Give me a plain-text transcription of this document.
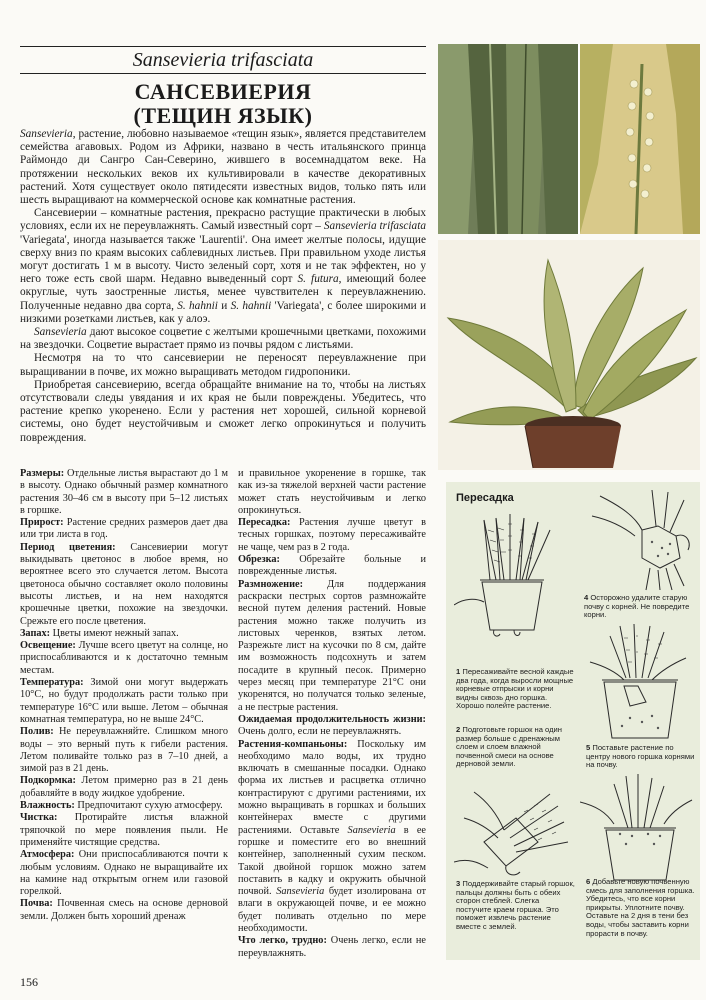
Sansevieria trifasciata
САНСЕВИЕРИЯ
(ТЕЩИН ЯЗЫК)

Sansevieria, растение, любовно называемое «тещин язык», является представителем семейства агавовых. Родом из Африки, названо в честь итальянского принца Раймондо ди Сангро Сан-Северино, жившего в восемнадцатом веке. На протяжении нескольких веков их культивировали в качестве декоративных растений. Хотя существует около пятидесяти известных видов, только пять или шесть выращивают на коммерческой основе как комнатные растения.

Сансевиерии – комнатные растения, прекрасно растущие практически в любых условиях, если их не переувлажнять. Самый известный сорт – Sansevieria trifasciata 'Variegata', иногда называется также 'Laurentii'. Она имеет желтые полосы, идущие сверху вниз по краям высоких саблевидных листьев. При правильном уходе листья могут достигать 1 м в высоту. Чисто зеленый сорт, хотя и не так эффектен, но у него тоже есть свой шарм. Недавно выведенный сорт S. futura, имеющий более округлые, чуть заостренные листья, менее чувствителен к переувлажнению. Полученные недавно два сорта, S. hahnii и S. hahnii 'Variegata', с более широкими и низкими розетками листьев, как у алоэ.

Sansevieria дают высокое соцветие с желтыми крошечными цветками, похожими на звездочки. Соцветие вырастает прямо из почвы рядом с листьями.

Несмотря на то что сансевиерии не переносят переувлажнение при выращивании в почве, их можно выращивать методом гидропоники.

Приобретая сансевиерию, всегда обращайте внимание на то, чтобы на листьях отсутствовали следы увядания и их края не были повреждены. Убедитесь, что растение крепко укоренено. Если у растения нет хорошей, сильной корневой системы, оно будет неустойчивым и сможет легко опрокинуться и получить повреждения.

Размеры: Отдельные листья вырастают до 1 м в высоту. Однако обычный размер комнатного растения 30–46 см в высоту при 5–12 листьях в горшке.

Прирост: Растение средних размеров дает два или три листа в год.

Период цветения: Сансевиерии могут выкидывать цветонос в любое время, но вероятнее всего это случается летом. Высота цветоноса обычно составляет около половины высоты листьев, и на нем находятся крошечные цветки, похожие на звездочки. Срежьте его после цветения.

Запах: Цветы имеют нежный запах.

Освещение: Лучше всего цветут на солнце, но приспосабливаются и к достаточно темным местам.

Температура: Зимой они могут выдержать 10°С, но будут продолжать расти только при температуре 16°С или выше. Летом – обычная комнатная температура, но не выше 24°С.

Полив: Не переувлажняйте. Слишком много воды – это верный путь к гибели растения. Летом поливайте только раз в 7–10 дней, а зимой раз в 21 день.

Подкормка: Летом примерно раз в 21 день добавляйте в воду жидкое удобрение.

Влажность: Предпочитают сухую атмосферу.

Чистка: Протирайте листья влажной тряпочкой по мере появления пыли. Не применяйте чистящие средства.

Атмосфера: Они приспосабливаются почти к любым условиям. Однако не выращивайте их на камине над открытым огнем или газовой горелкой.

Почва: Почвенная смесь на основе дерновой земли. Должен быть хороший дренаж

и правильное укоренение в горшке, так как из-за тяжелой верхней части растение может стать неустойчивым и легко опрокинуться.

Пересадка: Растения лучше цветут в тесных горшках, поэтому пересаживайте не чаще, чем раз в 2 года.

Обрезка: Обрезайте больные и поврежденные листья.

Размножение: Для поддержания раскраски пестрых сортов размножайте весной путем деления растений. Новые растения можно также получить из листовых черенков, взятых летом. Разрежьте лист на кусочки по 8 см, дайте им возможность подсохнуть и затем посадите в крупный песок. Примерно через месяц при температуре 21°С они укоренятся, но получатся только зеленые, а не пестрые растения.

Ожидаемая продолжительность жизни: Очень долго, если не переувлажнять.

Растения-компаньоны: Поскольку им необходимо мало воды, их трудно включать в смешанные посадки. Однако форма их листьев и расцветка отлично контрастируют с другими растениями, их можно выращивать в горшках и больших контейнерах вместе с другими растениями. Оставьте Sansevieria в ее горшке и поместите его во внешний контейнер, заполненный сухим песком. Такой двойной горшок можно затем поставить в кадку и окружить обычной почвой. Sansevieria будет изолирована от влаги в окружающей почве, и ее можно будет поливать отдельно по мере необходимости.

Что легко, трудно: Очень легко, если не переувлажнять.

156
Пересадка
4 Осторожно удалите старую почву с корней. Не повредите корни.
1 Пересаживайте весной каждые два года, когда выросли мощные корневые отпрыски и корни видны сквозь дно горшка. Хорошо полейте растение.
2 Подготовьте горшок на один размер больше с дренажным слоем и слоем влажной почвенной смеси на основе дерновой земли.
5 Поставьте растение по центру нового горшка корнями на почву.
3 Поддерживайте старый горшок, пальцы должны быть с обеих сторон стеблей. Слегка постучите краем горшка. Это поможет извлечь растение вместе с землей.
6 Добавьте новую почвенную смесь для заполнения горшка. Убедитесь, что все корни прикрыты. Уплотните почву. Оставьте на 2 дня в тени без воды, чтобы заставить корни прорасти в почву.
